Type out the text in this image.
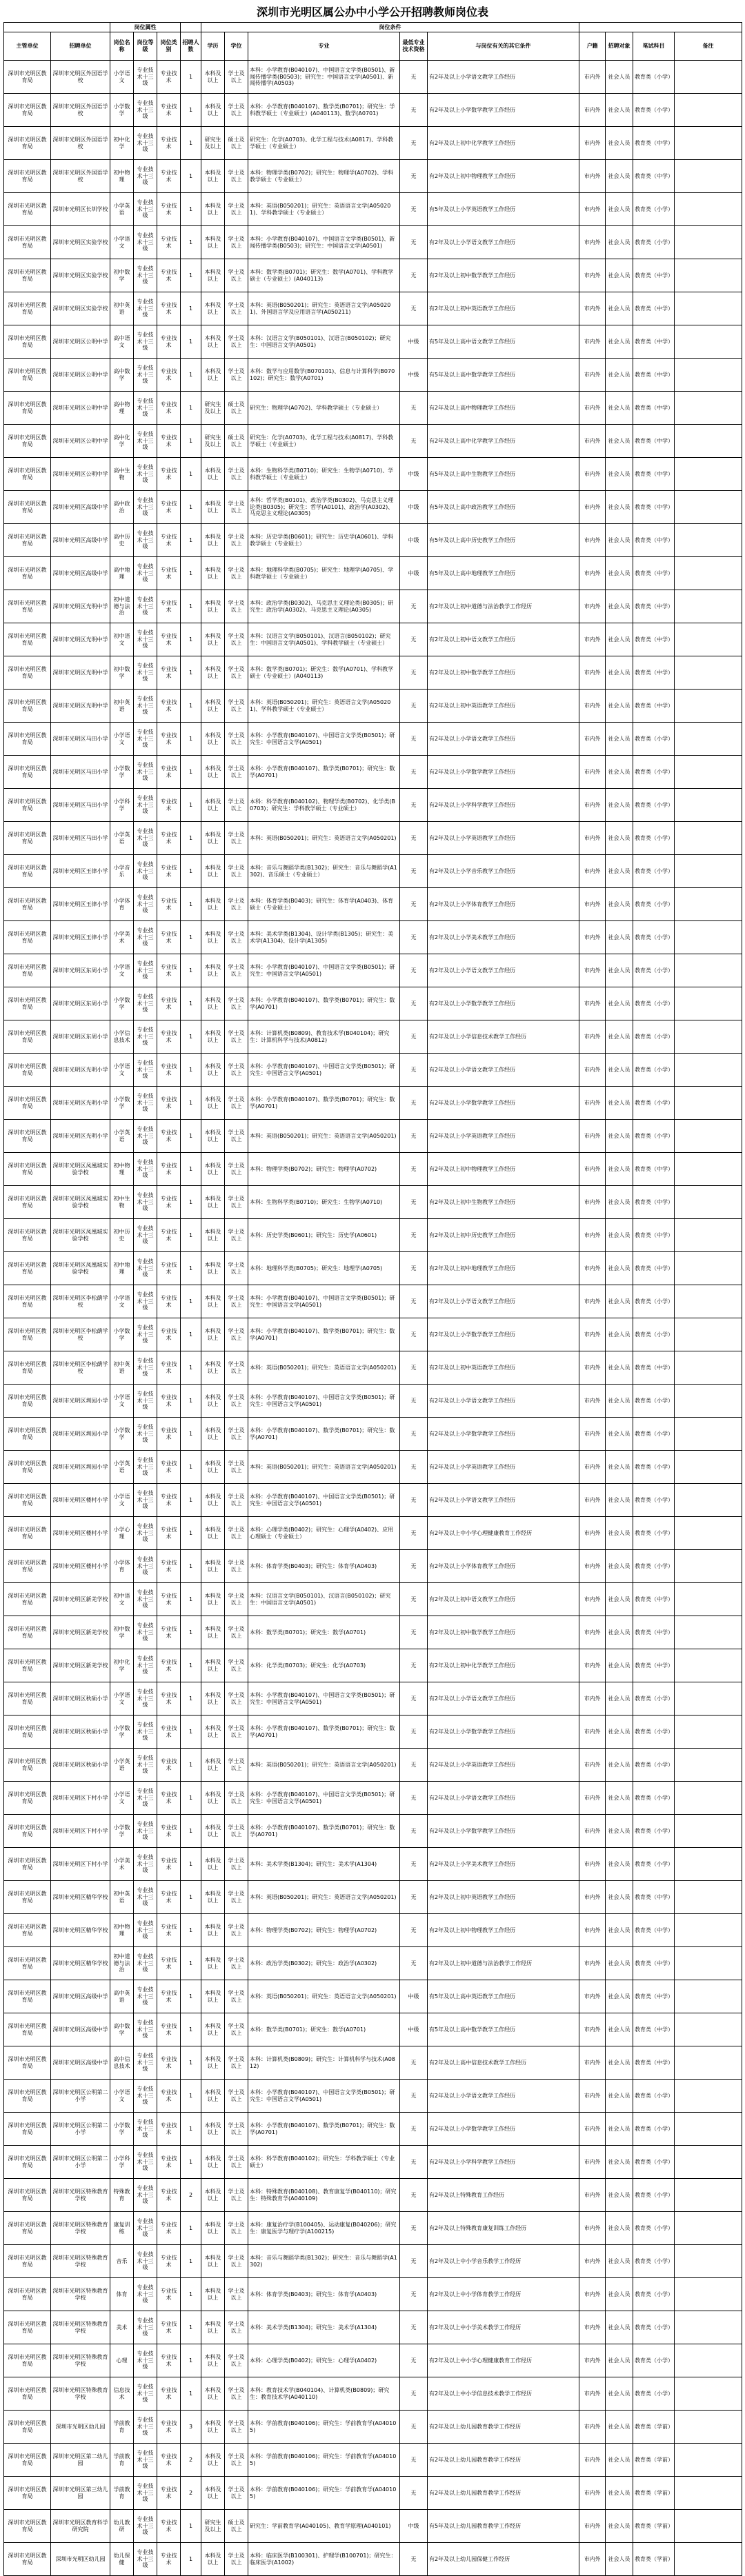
深圳市光明区属公办中小学公开招聘教师岗位表
		岗位属性				岗位条件								
主管单位	招聘单位	岗位名称	岗位等级	岗位类别	招聘人数	学历	学位	专业	最低专业技术资格	与岗位有关的其它条件	户籍	招聘对象	笔试科目	备注
深圳市光明区教育局	深圳市光明区外国语学校	小学语文	专业技术十三级	专业技术	1	本科及以上	学士及以上	本科：小学教育(B040107)、中国语言文学类(B0501)、新闻传播学类(B0503)；研究生：中国语言文学(A0501)、新闻传播学(A0503)	无	有2年及以上小学语文教学工作经历	市内外	社会人员	教育类（小学）	
深圳市光明区教育局	深圳市光明区外国语学校	小学数学	专业技术十三级	专业技术	1	本科及以上	学士及以上	本科：小学教育(B040107)、数学类(B0701)；研究生：学科教学硕士（专业硕士）(A040113)、数学(A0701)	无	有2年及以上小学数学教学工作经历	市内外	社会人员	教育类（小学）	
深圳市光明区教育局	深圳市光明区外国语学校	初中化学	专业技术十三级	专业技术	1	研究生及以上	硕士及以上	研究生：化学(A0703)、化学工程与技术(A0817)、学科教学硕士（专业硕士）	无	有2年及以上初中化学教学工作经历	市内外	社会人员	教育类（中学）	
深圳市光明区教育局	深圳市光明区外国语学校	初中物理	专业技术十三级	专业技术	1	本科及以上	学士及以上	本科：物理学类(B0702)；研究生：物理学(A0702)、学科教学硕士（专业硕士）	无	有2年及以上初中物理教学工作经历	市内外	社会人员	教育类（中学）	
深圳市光明区教育局	深圳市光明区长圳学校	小学英语	专业技术十三级	专业技术	1	本科及以上	学士及以上	本科：英语(B050201)；研究生：英语语言文学(A050201)、学科教学硕士（专业硕士）	无	有5年及以上小学英语教学工作经历	市内外	社会人员	教育类（小学）	
深圳市光明区教育局	深圳市光明区实验学校	小学语文	专业技术十三级	专业技术	1	本科及以上	学士及以上	本科：小学教育(B040107)、中国语言文学类(B0501)、新闻传播学类(B0503)；研究生：中国语言文学(A0501)	无	有2年及以上小学语文教学工作经历	市内外	社会人员	教育类（小学）	
深圳市光明区教育局	深圳市光明区实验学校	初中数学	专业技术十三级	专业技术	1	本科及以上	学士及以上	本科：数学类(B0701)；研究生：数学(A0701)、学科教学硕士（专业硕士）(A040113)	无	有2年及以上初中数学教学工作经历	市内外	社会人员	教育类（中学）	
深圳市光明区教育局	深圳市光明区实验学校	初中英语	专业技术十三级	专业技术	1	本科及以上	学士及以上	本科：英语(B050201)；研究生：英语语言文学(A050201)、外国语言学及应用语言学(A050211)	无	有2年及以上初中英语教学工作经历	市内外	社会人员	教育类（中学）	
深圳市光明区教育局	深圳市光明区公明中学	高中语文	专业技术十三级	专业技术	1	本科及以上	学士及以上	本科：汉语言文学(B050101)、汉语言(B050102)；研究生：中国语言文学(A0501)	中级	有5年及以上高中语文教学工作经历	市内外	社会人员	教育类（中学）	
深圳市光明区教育局	深圳市光明区公明中学	高中数学	专业技术十三级	专业技术	1	本科及以上	学士及以上	本科：数学与应用数学(B070101)、信息与计算科学(B070102)；研究生：数学(A0701)	中级	有5年及以上高中数学教学工作经历	市内外	社会人员	教育类（中学）	
深圳市光明区教育局	深圳市光明区公明中学	高中物理	专业技术十三级	专业技术	1	研究生及以上	硕士及以上	研究生：物理学(A0702)、学科教学硕士（专业硕士）	无	有2年及以上高中物理教学工作经历	市内外	社会人员	教育类（中学）	
深圳市光明区教育局	深圳市光明区公明中学	高中化学	专业技术十三级	专业技术	1	研究生及以上	硕士及以上	研究生：化学(A0703)、化学工程与技术(A0817)、学科教学硕士（专业硕士）	无	有2年及以上高中化学教学工作经历	市内外	社会人员	教育类（中学）	
深圳市光明区教育局	深圳市光明区公明中学	高中生物	专业技术十三级	专业技术	1	本科及以上	学士及以上	本科：生物科学类(B0710)；研究生：生物学(A0710)、学科教学硕士（专业硕士）	中级	有5年及以上高中生物教学工作经历	市内外	社会人员	教育类（中学）	
深圳市光明区教育局	深圳市光明区高级中学	高中政治	专业技术十三级	专业技术	1	本科及以上	学士及以上	本科：哲学类(B0101)、政治学类(B0302)、马克思主义理论类(B0305)；研究生：哲学(A0101)、政治学(A0302)、马克思主义理论(A0305)	中级	有5年及以上高中政治教学工作经历	市内外	社会人员	教育类（中学）	
深圳市光明区教育局	深圳市光明区高级中学	高中历史	专业技术十三级	专业技术	1	本科及以上	学士及以上	本科：历史学类(B0601)；研究生：历史学(A0601)、学科教学硕士（专业硕士）	中级	有5年及以上高中历史教学工作经历	市内外	社会人员	教育类（中学）	
深圳市光明区教育局	深圳市光明区高级中学	高中地理	专业技术十三级	专业技术	1	本科及以上	学士及以上	本科：地理科学类(B0705)；研究生：地理学(A0705)、学科教学硕士（专业硕士）	中级	有5年及以上高中地理教学工作经历	市内外	社会人员	教育类（中学）	
深圳市光明区教育局	深圳市光明区光明中学	初中道德与法治	专业技术十三级	专业技术	1	本科及以上	学士及以上	本科：政治学类(B0302)、马克思主义理论类(B0305)；研究生：政治学(A0302)、马克思主义理论(A0305)	无	有2年及以上初中道德与法治教学工作经历	市内外	社会人员	教育类（中学）	
深圳市光明区教育局	深圳市光明区光明中学	初中语文	专业技术十三级	专业技术	1	本科及以上	学士及以上	本科：汉语言文学(B050101)、汉语言(B050102)；研究生：中国语言文学(A0501)、学科教学硕士（专业硕士）	无	有2年及以上初中语文教学工作经历	市内外	社会人员	教育类（中学）	
深圳市光明区教育局	深圳市光明区光明中学	初中数学	专业技术十三级	专业技术	1	本科及以上	学士及以上	本科：数学类(B0701)；研究生：数学(A0701)、学科教学硕士（专业硕士）(A040113)	无	有2年及以上初中数学教学工作经历	市内外	社会人员	教育类（中学）	
深圳市光明区教育局	深圳市光明区光明中学	初中英语	专业技术十三级	专业技术	1	本科及以上	学士及以上	本科：英语(B050201)；研究生：英语语言文学(A050201)、学科教学硕士（专业硕士）	无	有2年及以上初中英语教学工作经历	市内外	社会人员	教育类（中学）	
深圳市光明区教育局	深圳市光明区马田小学	小学语文	专业技术十三级	专业技术	1	本科及以上	学士及以上	本科：小学教育(B040107)、中国语言文学类(B0501)；研究生：中国语言文学(A0501)	无	有2年及以上小学语文教学工作经历	市内外	社会人员	教育类（小学）	
深圳市光明区教育局	深圳市光明区马田小学	小学数学	专业技术十三级	专业技术	1	本科及以上	学士及以上	本科：小学教育(B040107)、数学类(B0701)；研究生：数学(A0701)	无	有2年及以上小学数学教学工作经历	市内外	社会人员	教育类（小学）	
深圳市光明区教育局	深圳市光明区马田小学	小学科学	专业技术十三级	专业技术	1	本科及以上	学士及以上	本科：科学教育(B040102)、物理学类(B0702)、化学类(B0703)；研究生：学科教学硕士（专业硕士）	无	有2年及以上小学科学教学工作经历	市内外	社会人员	教育类（小学）	
深圳市光明区教育局	深圳市光明区马田小学	小学英语	专业技术十三级	专业技术	1	本科及以上	学士及以上	本科：英语(B050201)；研究生：英语语言文学(A050201)	无	有2年及以上小学英语教学工作经历	市内外	社会人员	教育类（小学）	
深圳市光明区教育局	深圳市光明区玉律小学	小学音乐	专业技术十三级	专业技术	1	本科及以上	学士及以上	本科：音乐与舞蹈学类(B1302)；研究生：音乐与舞蹈学(A1302)、音乐硕士（专业硕士）	无	有2年及以上小学音乐教学工作经历	市内外	社会人员	教育类（小学）	
深圳市光明区教育局	深圳市光明区玉律小学	小学体育	专业技术十三级	专业技术	1	本科及以上	学士及以上	本科：体育学类(B0403)；研究生：体育学(A0403)、体育硕士（专业硕士）	无	有2年及以上小学体育教学工作经历	市内外	社会人员	教育类（小学）	
深圳市光明区教育局	深圳市光明区玉律小学	小学美术	专业技术十三级	专业技术	1	本科及以上	学士及以上	本科：美术学类(B1304)、设计学类(B1305)；研究生：美术学(A1304)、设计学(A1305)	无	有2年及以上小学美术教学工作经历	市内外	社会人员	教育类（小学）	
深圳市光明区教育局	深圳市光明区东周小学	小学语文	专业技术十三级	专业技术	1	本科及以上	学士及以上	本科：小学教育(B040107)、中国语言文学类(B0501)；研究生：中国语言文学(A0501)	无	有2年及以上小学语文教学工作经历	市内外	社会人员	教育类（小学）	
深圳市光明区教育局	深圳市光明区东周小学	小学数学	专业技术十三级	专业技术	1	本科及以上	学士及以上	本科：小学教育(B040107)、数学类(B0701)；研究生：数学(A0701)	无	有2年及以上小学数学教学工作经历	市内外	社会人员	教育类（小学）	
深圳市光明区教育局	深圳市光明区东周小学	小学信息技术	专业技术十三级	专业技术	1	本科及以上	学士及以上	本科：计算机类(B0809)、教育技术学(B040104)；研究生：计算机科学与技术(A0812)	无	有2年及以上小学信息技术教学工作经历	市内外	社会人员	教育类（小学）	
深圳市光明区教育局	深圳市光明区光明小学	小学语文	专业技术十三级	专业技术	1	本科及以上	学士及以上	本科：小学教育(B040107)、中国语言文学类(B0501)；研究生：中国语言文学(A0501)	无	有2年及以上小学语文教学工作经历	市内外	社会人员	教育类（小学）	
深圳市光明区教育局	深圳市光明区光明小学	小学数学	专业技术十三级	专业技术	1	本科及以上	学士及以上	本科：小学教育(B040107)、数学类(B0701)；研究生：数学(A0701)	无	有2年及以上小学数学教学工作经历	市内外	社会人员	教育类（小学）	
深圳市光明区教育局	深圳市光明区光明小学	小学英语	专业技术十三级	专业技术	1	本科及以上	学士及以上	本科：英语(B050201)；研究生：英语语言文学(A050201)	无	有2年及以上小学英语教学工作经历	市内外	社会人员	教育类（小学）	
深圳市光明区教育局	深圳市光明区凤凰城实验学校	初中物理	专业技术十三级	专业技术	1	本科及以上	学士及以上	本科：物理学类(B0702)；研究生：物理学(A0702)	无	有2年及以上初中物理教学工作经历	市内外	社会人员	教育类（中学）	
深圳市光明区教育局	深圳市光明区凤凰城实验学校	初中生物	专业技术十三级	专业技术	1	本科及以上	学士及以上	本科：生物科学类(B0710)；研究生：生物学(A0710)	无	有2年及以上初中生物教学工作经历	市内外	社会人员	教育类（中学）	
深圳市光明区教育局	深圳市光明区凤凰城实验学校	初中历史	专业技术十三级	专业技术	1	本科及以上	学士及以上	本科：历史学类(B0601)；研究生：历史学(A0601)	无	有2年及以上初中历史教学工作经历	市内外	社会人员	教育类（中学）	
深圳市光明区教育局	深圳市光明区凤凰城实验学校	初中地理	专业技术十三级	专业技术	1	本科及以上	学士及以上	本科：地理科学类(B0705)；研究生：地理学(A0705)	无	有2年及以上初中地理教学工作经历	市内外	社会人员	教育类（中学）	
深圳市光明区教育局	深圳市光明区李松蓢学校	小学语文	专业技术十三级	专业技术	1	本科及以上	学士及以上	本科：小学教育(B040107)、中国语言文学类(B0501)；研究生：中国语言文学(A0501)	无	有2年及以上小学语文教学工作经历	市内外	社会人员	教育类（小学）	
深圳市光明区教育局	深圳市光明区李松蓢学校	小学数学	专业技术十三级	专业技术	1	本科及以上	学士及以上	本科：小学教育(B040107)、数学类(B0701)；研究生：数学(A0701)	无	有2年及以上小学数学教学工作经历	市内外	社会人员	教育类（小学）	
深圳市光明区教育局	深圳市光明区李松蓢学校	初中英语	专业技术十三级	专业技术	1	本科及以上	学士及以上	本科：英语(B050201)；研究生：英语语言文学(A050201)	无	有2年及以上初中英语教学工作经历	市内外	社会人员	教育类（中学）	
深圳市光明区教育局	深圳市光明区圳园小学	小学语文	专业技术十三级	专业技术	1	本科及以上	学士及以上	本科：小学教育(B040107)、中国语言文学类(B0501)；研究生：中国语言文学(A0501)	无	有2年及以上小学语文教学工作经历	市内外	社会人员	教育类（小学）	
深圳市光明区教育局	深圳市光明区圳园小学	小学数学	专业技术十三级	专业技术	1	本科及以上	学士及以上	本科：小学教育(B040107)、数学类(B0701)；研究生：数学(A0701)	无	有2年及以上小学数学教学工作经历	市内外	社会人员	教育类（小学）	
深圳市光明区教育局	深圳市光明区圳园小学	小学英语	专业技术十三级	专业技术	1	本科及以上	学士及以上	本科：英语(B050201)；研究生：英语语言文学(A050201)	无	有2年及以上小学英语教学工作经历	市内外	社会人员	教育类（小学）	
深圳市光明区教育局	深圳市光明区楼村小学	小学语文	专业技术十三级	专业技术	1	本科及以上	学士及以上	本科：小学教育(B040107)、中国语言文学类(B0501)；研究生：中国语言文学(A0501)	无	有2年及以上小学语文教学工作经历	市内外	社会人员	教育类（小学）	
深圳市光明区教育局	深圳市光明区楼村小学	小学心理	专业技术十三级	专业技术	1	本科及以上	学士及以上	本科：心理学类(B0402)；研究生：心理学(A0402)、应用心理硕士（专业硕士）	无	有2年及以上中小学心理健康教育工作经历	市内外	社会人员	教育类（小学）	
深圳市光明区教育局	深圳市光明区楼村小学	小学体育	专业技术十三级	专业技术	1	本科及以上	学士及以上	本科：体育学类(B0403)；研究生：体育学(A0403)	无	有2年及以上小学体育教学工作经历	市内外	社会人员	教育类（小学）	
深圳市光明区教育局	深圳市光明区新羌学校	初中语文	专业技术十三级	专业技术	1	本科及以上	学士及以上	本科：汉语言文学(B050101)、汉语言(B050102)；研究生：中国语言文学(A0501)	无	有2年及以上初中语文教学工作经历	市内外	社会人员	教育类（中学）	
深圳市光明区教育局	深圳市光明区新羌学校	初中数学	专业技术十三级	专业技术	1	本科及以上	学士及以上	本科：数学类(B0701)；研究生：数学(A0701)	无	有2年及以上初中数学教学工作经历	市内外	社会人员	教育类（中学）	
深圳市光明区教育局	深圳市光明区新羌学校	初中化学	专业技术十三级	专业技术	1	本科及以上	学士及以上	本科：化学类(B0703)；研究生：化学(A0703)	无	有2年及以上初中化学教学工作经历	市内外	社会人员	教育类（中学）	
深圳市光明区教育局	深圳市光明区秋硕小学	小学语文	专业技术十三级	专业技术	1	本科及以上	学士及以上	本科：小学教育(B040107)、中国语言文学类(B0501)；研究生：中国语言文学(A0501)	无	有2年及以上小学语文教学工作经历	市内外	社会人员	教育类（小学）	
深圳市光明区教育局	深圳市光明区秋硕小学	小学数学	专业技术十三级	专业技术	1	本科及以上	学士及以上	本科：小学教育(B040107)、数学类(B0701)；研究生：数学(A0701)	无	有2年及以上小学数学教学工作经历	市内外	社会人员	教育类（小学）	
深圳市光明区教育局	深圳市光明区秋硕小学	小学英语	专业技术十三级	专业技术	1	本科及以上	学士及以上	本科：英语(B050201)；研究生：英语语言文学(A050201)	无	有2年及以上小学英语教学工作经历	市内外	社会人员	教育类（小学）	
深圳市光明区教育局	深圳市光明区下村小学	小学语文	专业技术十三级	专业技术	1	本科及以上	学士及以上	本科：小学教育(B040107)、中国语言文学类(B0501)；研究生：中国语言文学(A0501)	无	有2年及以上小学语文教学工作经历	市内外	社会人员	教育类（小学）	
深圳市光明区教育局	深圳市光明区下村小学	小学数学	专业技术十三级	专业技术	1	本科及以上	学士及以上	本科：小学教育(B040107)、数学类(B0701)；研究生：数学(A0701)	无	有2年及以上小学数学教学工作经历	市内外	社会人员	教育类（小学）	
深圳市光明区教育局	深圳市光明区下村小学	小学美术	专业技术十三级	专业技术	1	本科及以上	学士及以上	本科：美术学类(B1304)；研究生：美术学(A1304)	无	有2年及以上小学美术教学工作经历	市内外	社会人员	教育类（小学）	
深圳市光明区教育局	深圳市光明区精华学校	初中英语	专业技术十三级	专业技术	1	本科及以上	学士及以上	本科：英语(B050201)；研究生：英语语言文学(A050201)	无	有2年及以上初中英语教学工作经历	市内外	社会人员	教育类（中学）	
深圳市光明区教育局	深圳市光明区精华学校	初中物理	专业技术十三级	专业技术	1	本科及以上	学士及以上	本科：物理学类(B0702)；研究生：物理学(A0702)	无	有2年及以上初中物理教学工作经历	市内外	社会人员	教育类（中学）	
深圳市光明区教育局	深圳市光明区精华学校	初中道德与法治	专业技术十三级	专业技术	1	本科及以上	学士及以上	本科：政治学类(B0302)；研究生：政治学(A0302)	无	有2年及以上初中道德与法治教学工作经历	市内外	社会人员	教育类（中学）	
深圳市光明区教育局	深圳市光明区高级中学	高中英语	专业技术十三级	专业技术	1	本科及以上	学士及以上	本科：英语(B050201)；研究生：英语语言文学(A050201)	中级	有5年及以上高中英语教学工作经历	市内外	社会人员	教育类（中学）	
深圳市光明区教育局	深圳市光明区高级中学	高中数学	专业技术十三级	专业技术	1	本科及以上	学士及以上	本科：数学类(B0701)；研究生：数学(A0701)	中级	有5年及以上高中数学教学工作经历	市内外	社会人员	教育类（中学）	
深圳市光明区教育局	深圳市光明区高级中学	高中信息技术	专业技术十三级	专业技术	1	本科及以上	学士及以上	本科：计算机类(B0809)；研究生：计算机科学与技术(A0812)	无	有2年及以上高中信息技术教学工作经历	市内外	社会人员	教育类（中学）	
深圳市光明区教育局	深圳市光明区公明第二小学	小学语文	专业技术十三级	专业技术	1	本科及以上	学士及以上	本科：小学教育(B040107)、中国语言文学类(B0501)；研究生：中国语言文学(A0501)	无	有2年及以上小学语文教学工作经历	市内外	社会人员	教育类（小学）	
深圳市光明区教育局	深圳市光明区公明第二小学	小学数学	专业技术十三级	专业技术	1	本科及以上	学士及以上	本科：小学教育(B040107)、数学类(B0701)；研究生：数学(A0701)	无	有2年及以上小学数学教学工作经历	市内外	社会人员	教育类（小学）	
深圳市光明区教育局	深圳市光明区公明第二小学	小学科学	专业技术十三级	专业技术	1	本科及以上	学士及以上	本科：科学教育(B040102)；研究生：学科教学硕士（专业硕士）	无	有2年及以上小学科学教学工作经历	市内外	社会人员	教育类（小学）	
深圳市光明区教育局	深圳市光明区特殊教育学校	特殊教育	专业技术十三级	专业技术	2	本科及以上	学士及以上	本科：特殊教育(B040108)、教育康复学(B040110)；研究生：特殊教育学(A040109)	无	有2年及以上特殊教育工作经历	市内外	社会人员	教育类（小学）	
深圳市光明区教育局	深圳市光明区特殊教育学校	康复训练	专业技术十三级	专业技术	1	本科及以上	学士及以上	本科：康复治疗学(B100405)、运动康复(B040206)；研究生：康复医学与理疗学(A100215)	无	有2年及以上特殊教育康复训练工作经历	市内外	社会人员	教育类（小学）	
深圳市光明区教育局	深圳市光明区特殊教育学校	音乐	专业技术十三级	专业技术	1	本科及以上	学士及以上	本科：音乐与舞蹈学类(B1302)；研究生：音乐与舞蹈学(A1302)	无	有2年及以上中小学音乐教学工作经历	市内外	社会人员	教育类（小学）	
深圳市光明区教育局	深圳市光明区特殊教育学校	体育	专业技术十三级	专业技术	1	本科及以上	学士及以上	本科：体育学类(B0403)；研究生：体育学(A0403)	无	有2年及以上中小学体育教学工作经历	市内外	社会人员	教育类（小学）	
深圳市光明区教育局	深圳市光明区特殊教育学校	美术	专业技术十三级	专业技术	1	本科及以上	学士及以上	本科：美术学类(B1304)；研究生：美术学(A1304)	无	有2年及以上中小学美术教学工作经历	市内外	社会人员	教育类（小学）	
深圳市光明区教育局	深圳市光明区特殊教育学校	心理	专业技术十三级	专业技术	1	本科及以上	学士及以上	本科：心理学类(B0402)；研究生：心理学(A0402)	无	有2年及以上中小学心理健康教育工作经历	市内外	社会人员	教育类（小学）	
深圳市光明区教育局	深圳市光明区特殊教育学校	信息技术	专业技术十三级	专业技术	1	本科及以上	学士及以上	本科：教育技术学(B040104)、计算机类(B0809)；研究生：教育技术学(A040110)	无	有2年及以上中小学信息技术教学工作经历	市内外	社会人员	教育类（小学）	
深圳市光明区教育局	深圳市光明区幼儿园	学前教育	专业技术十三级	专业技术	3	本科及以上	学士及以上	本科：学前教育(B040106)；研究生：学前教育学(A040105)	无	有2年及以上幼儿园教育教学工作经历	市内外	社会人员	教育类（学前）	
深圳市光明区教育局	深圳市光明区第二幼儿园	学前教育	专业技术十三级	专业技术	2	本科及以上	学士及以上	本科：学前教育(B040106)；研究生：学前教育学(A040105)	无	有2年及以上幼儿园教育教学工作经历	市内外	社会人员	教育类（学前）	
深圳市光明区教育局	深圳市光明区第三幼儿园	学前教育	专业技术十三级	专业技术	2	本科及以上	学士及以上	本科：学前教育(B040106)；研究生：学前教育学(A040105)	无	有2年及以上幼儿园教育教学工作经历	市内外	社会人员	教育类（学前）	
深圳市光明区教育局	深圳市光明区教育科学研究院	幼儿教研	专业技术十三级	专业技术	1	研究生及以上	硕士及以上	研究生：学前教育学(A040105)、教育学原理(A040101)	中级	有5年及以上幼儿园教育教学工作经历	市内外	社会人员	教育类（学前）	
深圳市光明区教育局	深圳市光明区幼儿园	幼儿保健	专业技术十三级	专业技术	1	本科及以上	学士及以上	本科：临床医学(B100301)、护理学(B100701)；研究生：临床医学(A1002)	无	有2年及以上幼儿园保健工作经历	市内外	社会人员	教育类（学前）	
